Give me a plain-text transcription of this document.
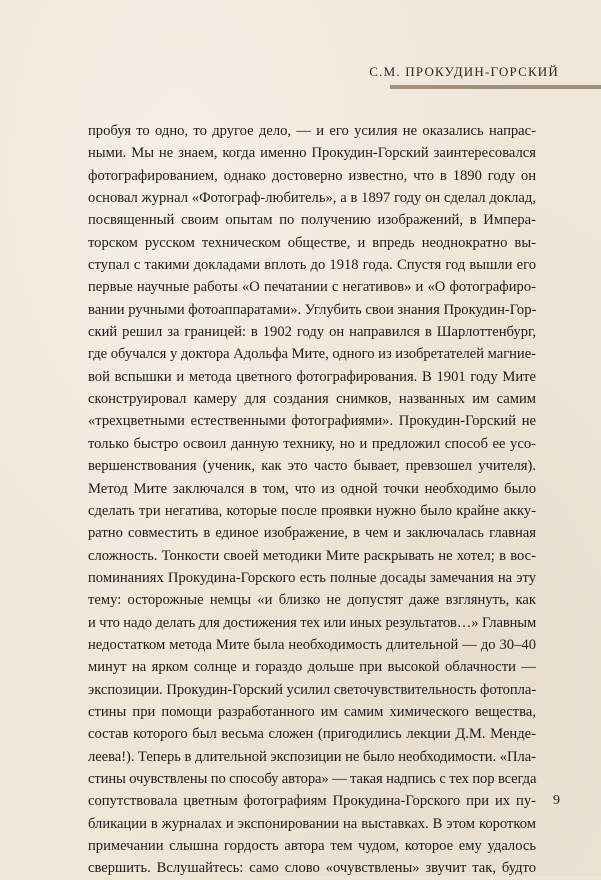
С.М. ПРОКУДИН-ГОРСКИЙ
пробуя то одно, то другое дело, — и его усилия не оказались напрас-
ными. Мы не знаем, когда именно Прокудин-Горский заинтересовался
фотографированием, однако достоверно известно, что в 1890 году он
основал журнал «Фотограф-любитель», а в 1897 году он сделал доклад,
посвященный своим опытам по получению изображений, в Импера-
торском русском техническом обществе, и впредь неоднократно вы-
ступал с такими докладами вплоть до 1918 года. Спустя год вышли его
первые научные работы «О печатании с негативов» и «О фотографиро-
вании ручными фотоаппаратами». Углубить свои знания Прокудин-Гор-
ский решил за границей: в 1902 году он направился в Шарлоттенбург,
где обучался у доктора Адольфа Мите, одного из изобретателей магние-
вой вспышки и метода цветного фотографирования. В 1901 году Мите
сконструировал камеру для создания снимков, названных им самим
«трехцветными естественными фотографиями». Прокудин-Горский не
только быстро освоил данную технику, но и предложил способ ее усо-
вершенствования (ученик, как это часто бывает, превзошел учителя).
Метод Мите заключался в том, что из одной точки необходимо было
сделать три негатива, которые после проявки нужно было крайне акку-
ратно совместить в единое изображение, в чем и заключалась главная
сложность. Тонкости своей методики Мите раскрывать не хотел; в вос-
поминаниях Прокудина-Горского есть полные досады замечания на эту
тему: осторожные немцы «и близко не допустят даже взглянуть, как
и что надо делать для достижения тех или иных результатов…» Главным
недостатком метода Мите была необходимость длительной — до 30–40
минут на ярком солнце и гораздо дольше при высокой облачности —
экспозиции. Прокудин-Горский усилил светочувствительность фотопла-
стины при помощи разработанного им самим химического вещества,
состав которого был весьма сложен (пригодились лекции Д.М. Менде-
леева!). Теперь в длительной экспозиции не было необходимости. «Пла-
стины очувствлены по способу автора» — такая надпись с тех пор всегда
сопутствовала цветным фотографиям Прокудина-Горского при их пу-
бликации в журналах и экспонировании на выставках. В этом коротком
примечании слышна гордость автора тем чудом, которое ему удалось
свершить. Вслушайтесь: само слово «очувствлены» звучит так, будто
9
